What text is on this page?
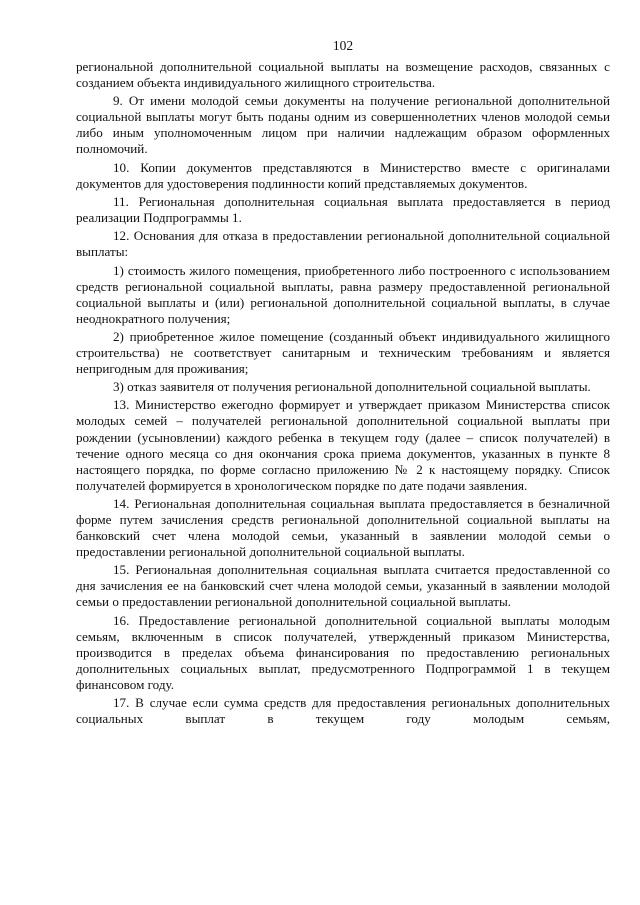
102

региональной дополнительной социальной выплаты на возмещение расходов, связанных с созданием объекта индивидуального жилищного строительства.

9. От имени молодой семьи документы на получение региональной дополнительной социальной выплаты могут быть поданы одним из совершеннолетних членов молодой семьи либо иным уполномоченным лицом при наличии надлежащим образом оформленных полномочий.

10. Копии документов представляются в Министерство вместе с оригиналами документов для удостоверения подлинности копий представляемых документов.

11. Региональная дополнительная социальная выплата предоставляется в период реализации Подпрограммы 1.

12. Основания для отказа в предоставлении региональной дополнительной социальной выплаты:

1) стоимость жилого помещения, приобретенного либо построенного с использованием средств региональной социальной выплаты, равна размеру предоставленной региональной социальной выплаты и (или) региональной дополнительной социальной выплаты, в случае неоднократного получения;

2) приобретенное жилое помещение (созданный объект индивидуального жилищного строительства) не соответствует санитарным и техническим требованиям и является непригодным для проживания;

3) отказ заявителя от получения региональной дополнительной социальной выплаты.

13. Министерство ежегодно формирует и утверждает приказом Министерства список молодых семей – получателей региональной дополнительной социальной выплаты при рождении (усыновлении) каждого ребенка в текущем году (далее – список получателей) в течение одного месяца со дня окончания срока приема документов, указанных в пункте 8 настоящего порядка, по форме согласно приложению № 2 к настоящему порядку. Список получателей формируется в хронологическом порядке по дате подачи заявления.

14. Региональная дополнительная социальная выплата предоставляется в безналичной форме путем зачисления средств региональной дополнительной социальной выплаты на банковский счет члена молодой семьи, указанный в заявлении молодой семьи о предоставлении региональной дополнительной социальной выплаты.

15. Региональная дополнительная социальная выплата считается предоставленной со дня зачисления ее на банковский счет члена молодой семьи, указанный в заявлении молодой семьи о предоставлении региональной дополнительной социальной выплаты.

16. Предоставление региональной дополнительной социальной выплаты молодым семьям, включенным в список получателей, утвержденный приказом Министерства, производится в пределах объема финансирования по предоставлению региональных дополнительных социальных выплат, предусмотренного Подпрограммой 1 в текущем финансовом году.

17. В случае если сумма средств для предоставления региональных дополнительных социальных выплат в текущем году молодым семьям,
